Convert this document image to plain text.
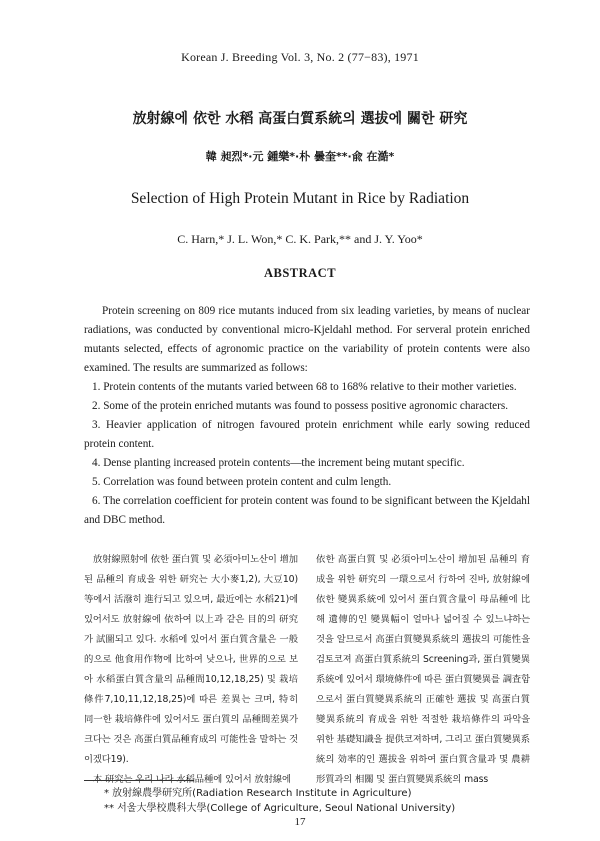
Korean J. Breeding Vol. 3, No. 2 (77−83), 1971
放射線에 依한 水稻 高蛋白質系統의 選拔에 關한 研究
韓 昶烈*·元 鍾樂*·朴 曇奎**·兪 在澔*
Selection of High Protein Mutant in Rice by Radiation
C. Harn,* J. L. Won,* C. K. Park,** and J. Y. Yoo*
ABSTRACT

Protein screening on 809 rice mutants induced from six leading varieties, by means of nuclear radiations, was conducted by conventional micro-Kjeldahl method. For serveral protein enriched mutants selected, effects of agronomic practice on the variability of protein contents were also examined. The results are summarized as follows:

1. Protein contents of the mutants varied between 68 to 168% relative to their mother varieties.

2. Some of the protein enriched mutants was found to possess positive agronomic characters.

3. Heavier application of nitrogen favoured protein enrichment while early sowing reduced protein content.

4. Dense planting increased protein contents—the increment being mutant specific.

5. Correlation was found between protein content and culm length.

6. The correlation coefficient for protein content was found to be significant between the Kjeldahl and DBC method.

放射線照射에 依한 蛋白質 및 必須아미노산이 增加된 品種의 育成을 위한 研究는 大小麥1,2), 大豆10)等에서 活潑히 進行되고 있으며, 最近에는 水稻21)에 있어서도 放射線에 依하여 以上과 같은 目的의 研究가 試圖되고 있다. 水稻에 있어서 蛋白質含量은 一般的으로 他食用作物에 比하여 낮으나, 世界的으로 보아 水稻蛋白質含量의 品種間10,12,18,25) 및 栽培條件7,10,11,12,18,25)에 따른 差異는 크며, 特히 同一한 栽培條件에 있어서도 蛋白質의 品種間差異가 크다는 것은 高蛋白質品種育成의 可能性을 말하는 것이겠다19).

本 研究는 우리 나라 水稻品種에 있어서 放射線에

依한 高蛋白質 및 必須아미노산이 增加된 品種의 育成을 위한 研究의 一環으로서 行하여 진바, 放射線에 依한 變異系統에 있어서 蛋白質含量이 母品種에 比해 遺傳的인 變異幅이 얼마나 넓어질 수 있느냐하는 것을 알므로서 高蛋白質變異系統의 選拔의 可能性을 검토코져 高蛋白質系統의 Screening과, 蛋白質變異系統에 있어서 環境條件에 따른 蛋白質變異를 調査함으로서 蛋白質變異系統의 正確한 選拔 및 高蛋白質變異系統의 育成을 위한 적절한 栽培條件의 파악을 위한 基礎知識을 提供코져하며, 그리고 蛋白質變異系統의 効率的인 選拔을 위하여 蛋白質含量과 몇 農耕形質과의 相關 및 蛋白質變異系統의 mass

* 放射線農學研究所(Radiation Research Institute in Agriculture)
** 서울大學校農科大學(College of Agriculture, Seoul National University)
17
